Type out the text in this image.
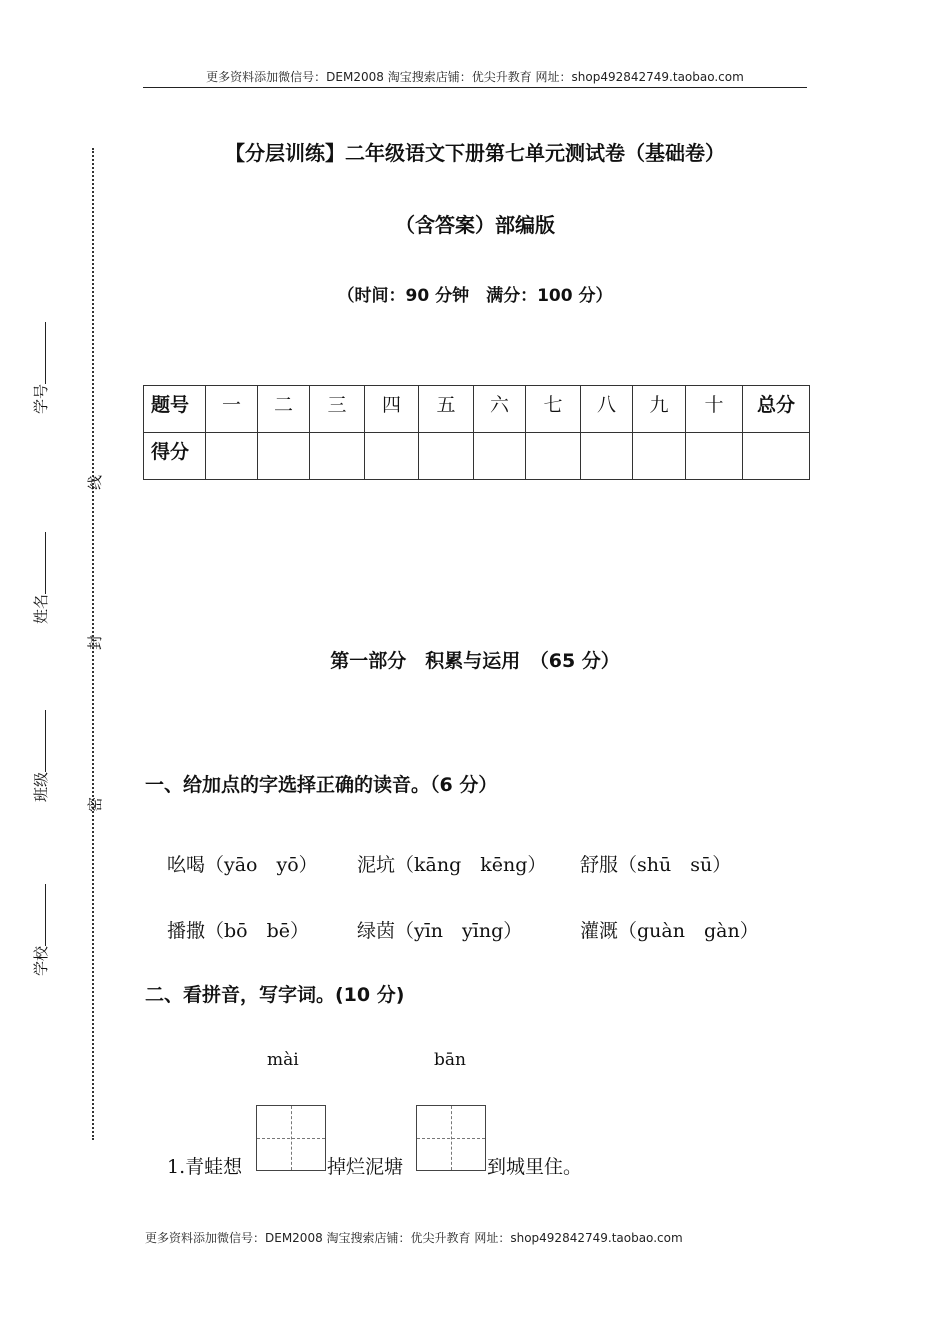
更多资料添加微信号：DEM2008 淘宝搜索店铺：优尖升教育 网址：shop492842749.taobao.com
学校
班级
姓名
学号
密
封
线
【分层训练】二年级语文下册第七单元测试卷（基础卷）
（含答案）部编版
（时间：90 分钟　满分：100 分）
题号	一	二	三	四	五	六	七	八	九	十	总分
得分											
第一部分　积累与运用　（65 分）
一、给加点的字选择正确的读音。（6 分）
吆喝（yāo　yō） 泥坑（kāng　kēng） 舒服（shū　sū）
播撒（bō　bē）	绿茵（yīn　yīng）	灌溉（guàn　gàn）
二、看拼音，写字词。(10 分)
mài	bān
1.青蛙想	掉烂泥塘	到城里住。
更多资料添加微信号：DEM2008 淘宝搜索店铺：优尖升教育 网址：shop492842749.taobao.com
